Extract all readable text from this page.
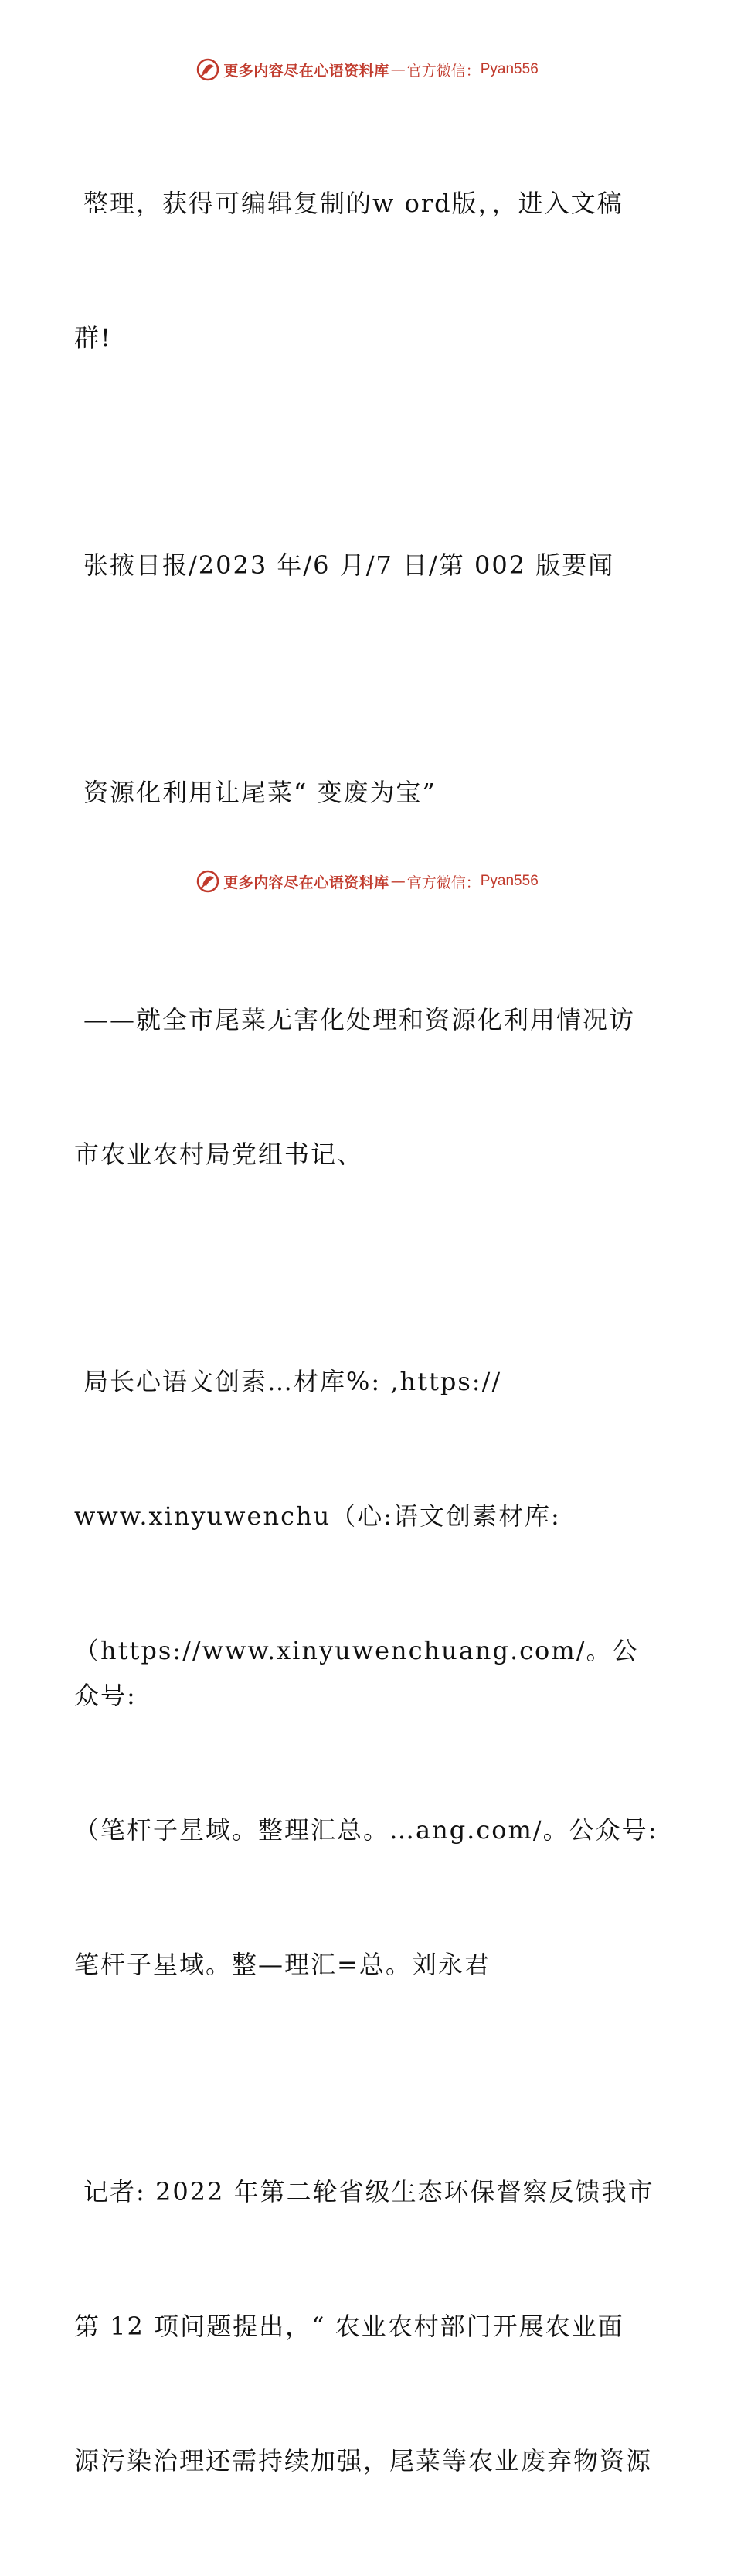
更多内容尽在心语资料库 — 官方微信： Pyan556

整理，获得可编辑复制的w ord版，，进入文稿

群!

张掖日报/2023 年/6 月/7 日/第 002 版要闻

资源化利用让尾菜“ 变废为宝”

——就全市尾菜无害化处理和资源化利用情况访

市农业农村局党组书记、

局长心语文创素…材库%: ,https://

www.xinyuwenchu（心:语文创素材库:

（https://www.xinyuwenchuang.com/。公众号:

（笔杆子星域。整理汇总。…ang.com/。公众号:

笔杆子星域。整—理汇=总。刘永君

记者: 2022 年第二轮省级生态环保督察反馈我市

第 12 项问题提出，“ 农业农村部门开展农业面

源污染治理还需持续加强，尾菜等农业废弃物资源

更多内容尽在心语资料库 — 官方微信： Pyan556
